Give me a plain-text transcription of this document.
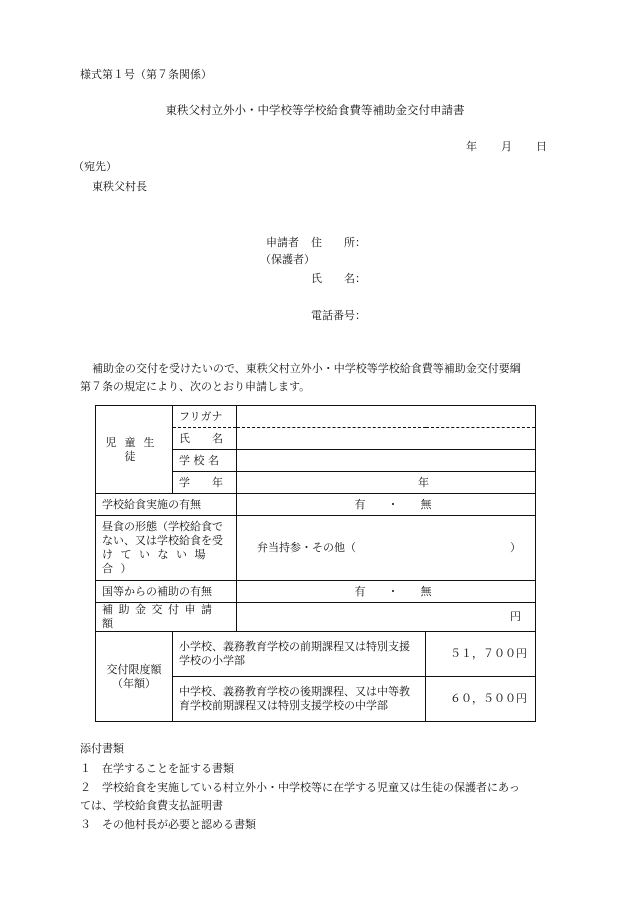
様式第１号（第７条関係）
東秩父村立外小・中学校等学校給食費等補助金交付申請書
年 月 日
（宛先）
東秩父村長
申請者 住　　所：
（保護者）
氏　　名：
電話番号：
補助金の交付を受けたいので、東秩父村立外小・中学校等学校給食費等補助金交付要綱
第７条の規定により、次のとおり申請します。
児童生徒	フリガナ		
	氏　　名		
	学 校 名		
	学　　年	年	
学校給食実施の有無		有　　・　　無	

昼食の形態（学校給食で
ない、又は学校給食を受
けていない場合）		弁当持参・その他（　　　　　　　　　　　　　　）	
国等からの補助の有無		有　　・　　無	
補助金交付申請額		円	

交付限度額
（年額）	小学校、義務教育学校の前期課程又は特別支援学校の小学部		５１，７００円
	中学校、義務教育学校の後期課程、又は中等教育学校前期課程又は特別支援学校の中学部		６０，５００円
添付書類
１　在学することを証する書類
２　学校給食を実施している村立外小・中学校等に在学する児童又は生徒の保護者にあっ
ては、学校給食費支払証明書
３　その他村長が必要と認める書類
